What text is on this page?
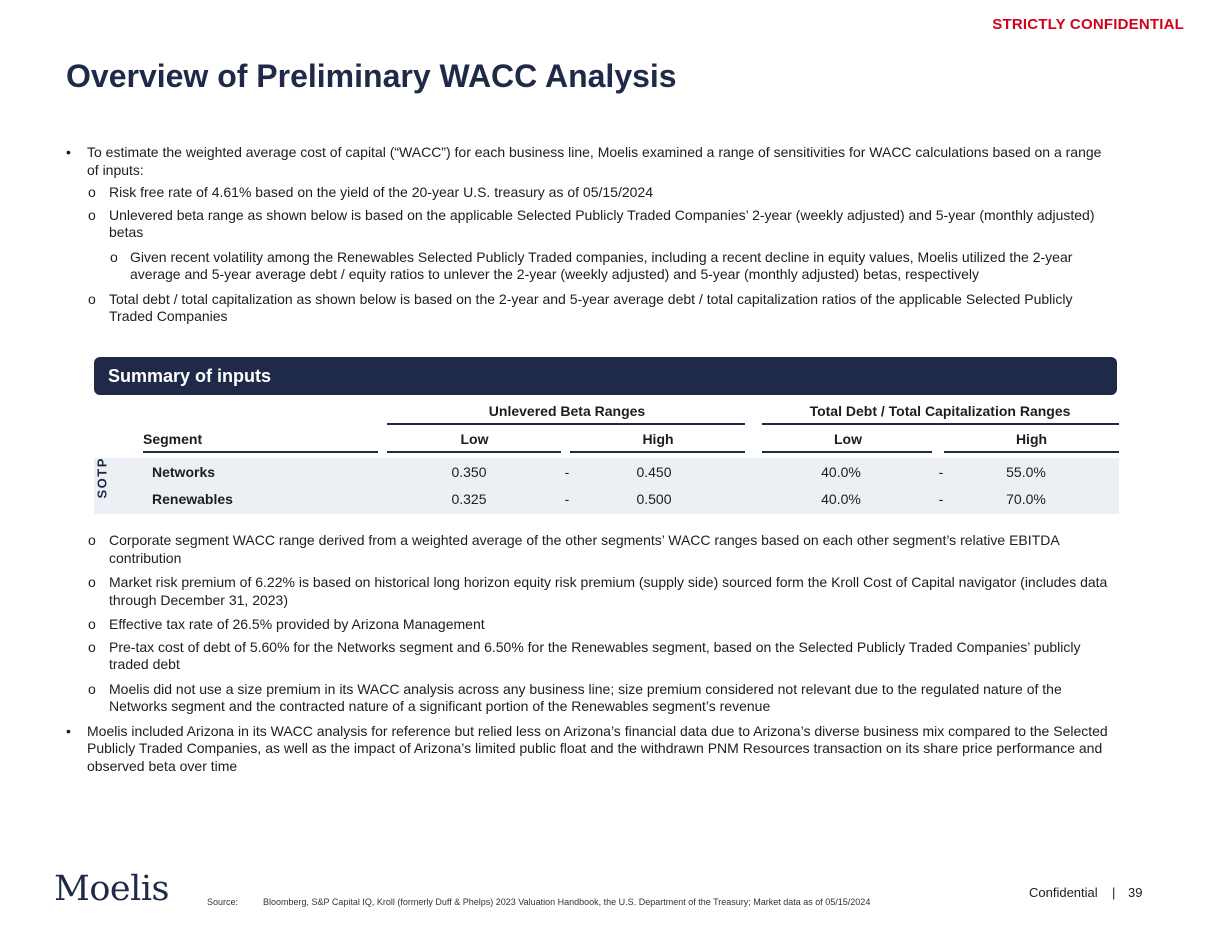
STRICTLY CONFIDENTIAL
Overview of Preliminary WACC Analysis

• To estimate the weighted average cost of capital (“WACC”) for each business line, Moelis examined a range of sensitivities for WACC calculations based on a range of inputs:

o Risk free rate of 4.61% based on the yield of the 20-year U.S. treasury as of 05/15/2024

o Unlevered beta range as shown below is based on the applicable Selected Publicly Traded Companies’ 2-year (weekly adjusted) and 5-year (monthly adjusted) betas

o Given recent volatility among the Renewables Selected Publicly Traded companies, including a recent decline in equity values, Moelis utilized the 2-year average and 5-year average debt / equity ratios to unlever the 2-year (weekly adjusted) and 5-year (monthly adjusted) betas, respectively

o Total debt / total capitalization as shown below is based on the 2-year and 5-year average debt / total capitalization ratios of the applicable Selected Publicly Traded Companies

Summary of inputs
Unlevered Beta Ranges	Total Debt / Total Capitalization Ranges
Segment	Low	High	Low	High
SOTP	Networks	0.350	-	0.450	40.0%	-	55.0%
Renewables	0.325	-	0.500	40.0%	-	70.0%

o Corporate segment WACC range derived from a weighted average of the other segments’ WACC ranges based on each other segment’s relative EBITDA contribution

o Market risk premium of 6.22% is based on historical long horizon equity risk premium (supply side) sourced form the Kroll Cost of Capital navigator (includes data through December 31, 2023)

o Effective tax rate of 26.5% provided by Arizona Management

o Pre-tax cost of debt of 5.60% for the Networks segment and 6.50% for the Renewables segment, based on the Selected Publicly Traded Companies’ publicly traded debt

o Moelis did not use a size premium in its WACC analysis across any business line; size premium considered not relevant due to the regulated nature of the Networks segment and the contracted nature of a significant portion of the Renewables segment’s revenue

• Moelis included Arizona in its WACC analysis for reference but relied less on Arizona’s financial data due to Arizona’s diverse business mix compared to the Selected Publicly Traded Companies, as well as the impact of Arizona’s limited public float and the withdrawn PNM Resources transaction on its share price performance and observed beta over time

Moelis	Source:	Bloomberg, S&P Capital IQ, Kroll (formerly Duff & Phelps) 2023 Valuation Handbook, the U.S. Department of the Treasury; Market data as of 05/15/2024
Confidential | 39
